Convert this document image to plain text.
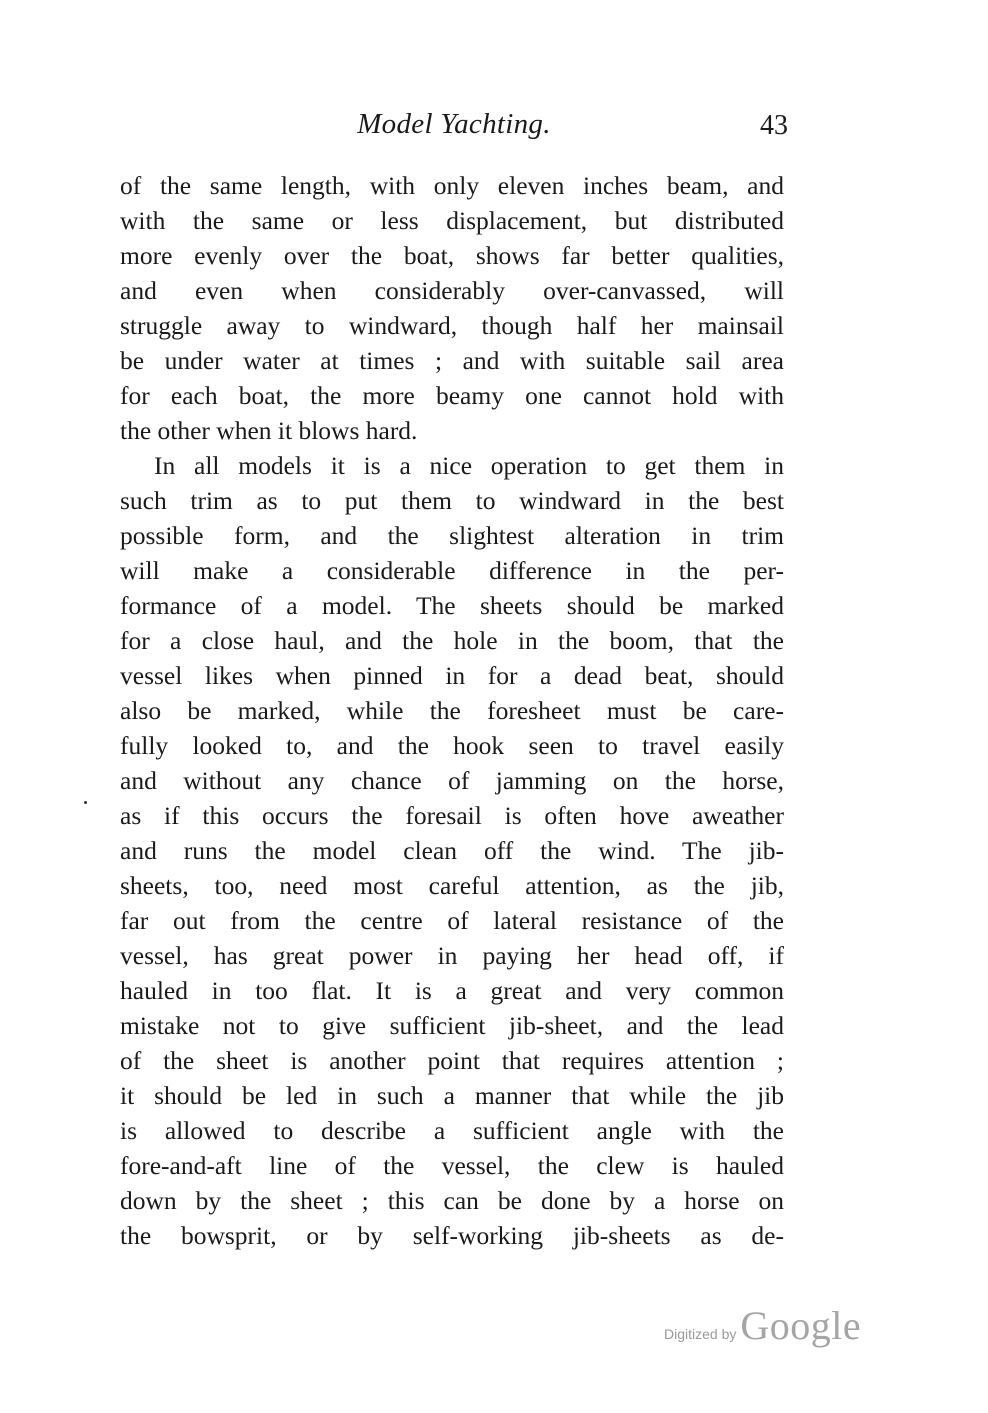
Model Yachting.	43
of the same length, with only eleven inches beam, and
with the same or less displacement, but distributed
more evenly over the boat, shows far better qualities,
and even when considerably over-canvassed, will
struggle away to windward, though half her mainsail
be under water at times ; and with suitable sail area
for each boat, the more beamy one cannot hold with
the other when it blows hard.
In all models it is a nice operation to get them in
such trim as to put them to windward in the best
possible form, and the slightest alteration in trim
will make a considerable difference in the per-
formance of a model. The sheets should be marked
for a close haul, and the hole in the boom, that the
vessel likes when pinned in for a dead beat, should
also be marked, while the foresheet must be care-
fully looked to, and the hook seen to travel easily
and without any chance of jamming on the horse,
as if this occurs the foresail is often hove aweather
and runs the model clean off the wind. The jib-
sheets, too, need most careful attention, as the jib,
far out from the centre of lateral resistance of the
vessel, has great power in paying her head off, if
hauled in too flat. It is a great and very common
mistake not to give sufficient jib-sheet, and the lead
of the sheet is another point that requires attention ;
it should be led in such a manner that while the jib
is allowed to describe a sufficient angle with the
fore-and-aft line of the vessel, the clew is hauled
down by the sheet ; this can be done by a horse on
the bowsprit, or by self-working jib-sheets as de-
Digitized by Google
